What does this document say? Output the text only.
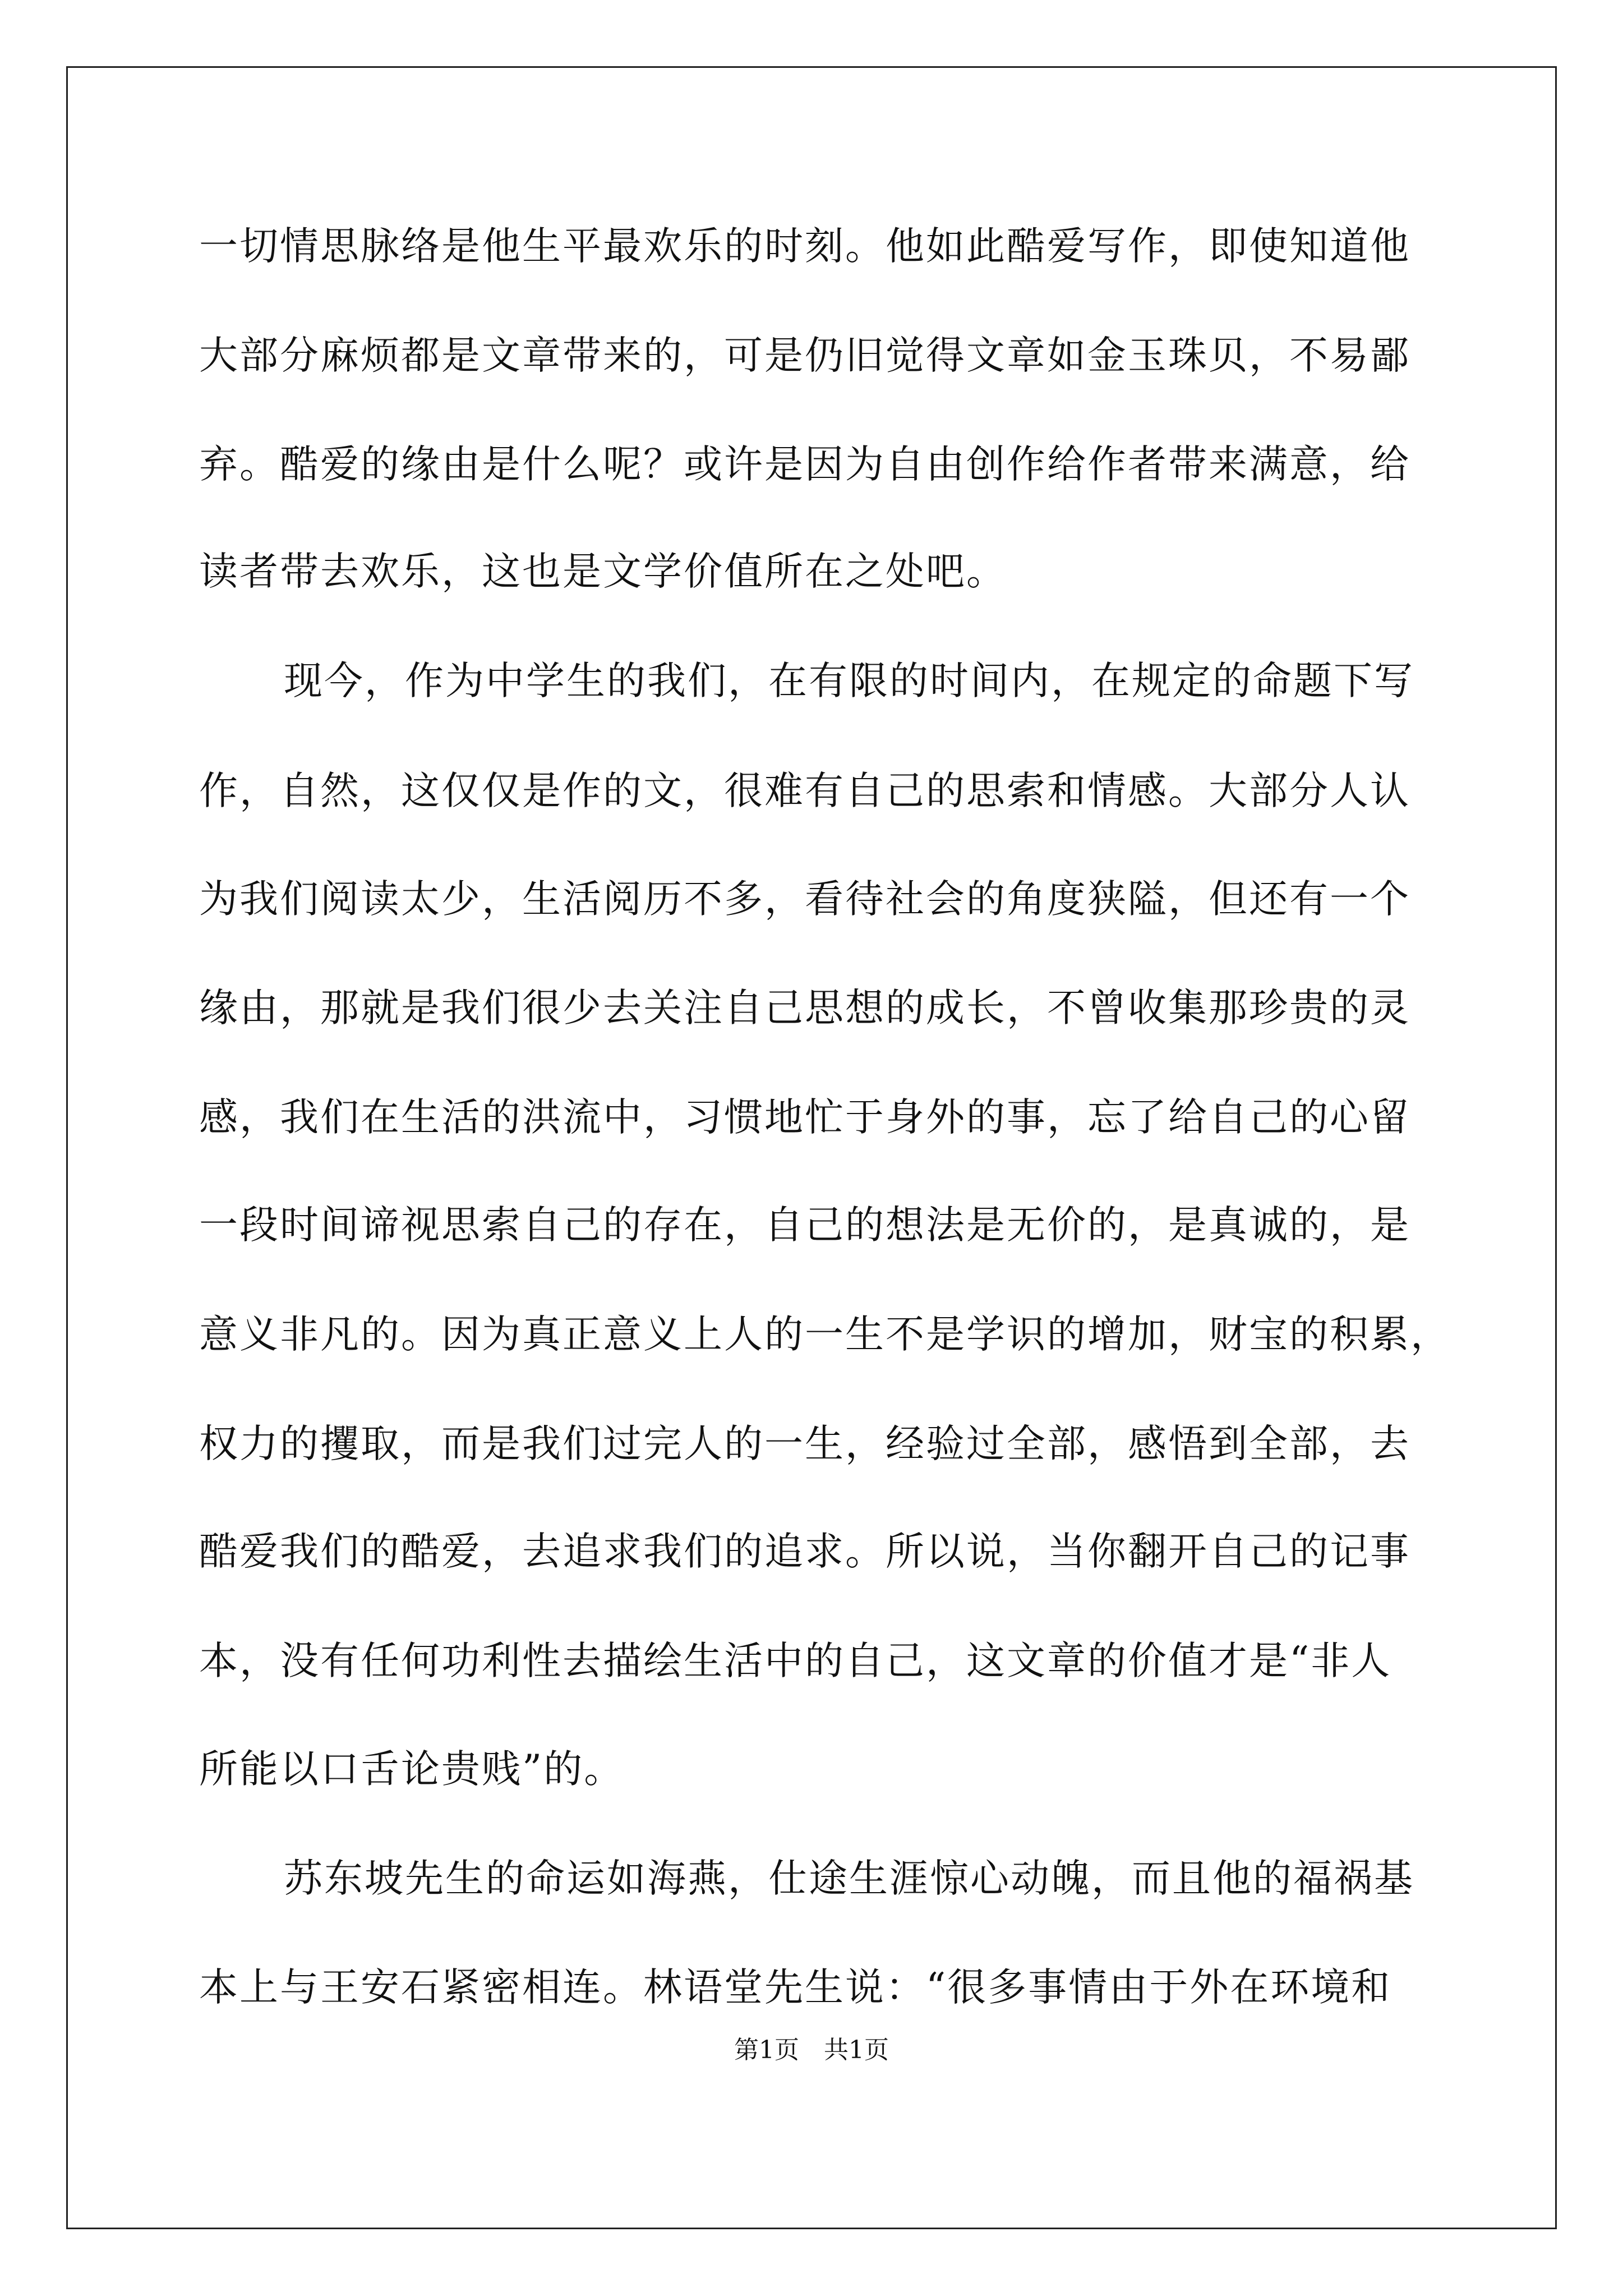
一切情思脉络是他生平最欢乐的时刻。他如此酷爱写作，即使知道他
大部分麻烦都是文章带来的，可是仍旧觉得文章如金玉珠贝，不易鄙
弃。酷爱的缘由是什么呢？或许是因为自由创作给作者带来满意，给
读者带去欢乐，这也是文学价值所在之处吧。
现今，作为中学生的我们，在有限的时间内，在规定的命题下写
作，自然，这仅仅是作的文，很难有自己的思索和情感。大部分人认
为我们阅读太少，生活阅历不多，看待社会的角度狭隘，但还有一个
缘由，那就是我们很少去关注自己思想的成长，不曾收集那珍贵的灵
感，我们在生活的洪流中，习惯地忙于身外的事，忘了给自己的心留
一段时间谛视思索自己的存在，自己的想法是无价的，是真诚的，是
意义非凡的。因为真正意义上人的一生不是学识的增加，财宝的积累，
权力的攫取，而是我们过完人的一生，经验过全部，感悟到全部，去
酷爱我们的酷爱，去追求我们的追求。所以说，当你翻开自己的记事
本，没有任何功利性去描绘生活中的自己，这文章的价值才是“非人
所能以口舌论贵贱”的。
苏东坡先生的命运如海燕，仕途生涯惊心动魄，而且他的福祸基
本上与王安石紧密相连。林语堂先生说：“很多事情由于外在环境和
第1页　共1页
